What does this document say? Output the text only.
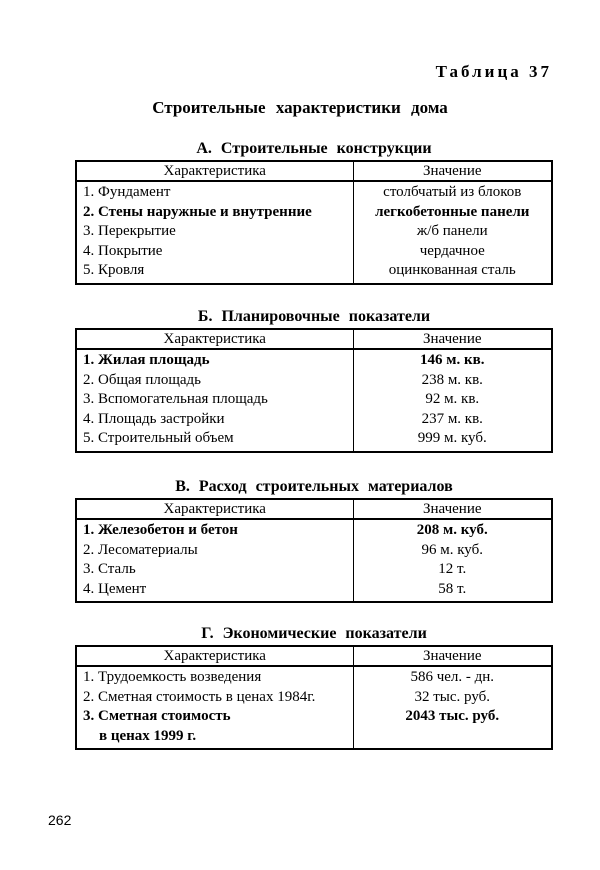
Таблица 37
Строительные характеристики дома
А. Строительные конструкции
Характеристика	Значение
1. Фундамент	столбчатый из блоков
2. Стены наружные и внутренние	легкобетонные панели
3. Перекрытие	ж/б панели
4. Покрытие	чердачное
5. Кровля	оцинкованная сталь
Б. Планировочные показатели
Характеристика	Значение
1. Жилая площадь	146 м. кв.
2. Общая площадь	238 м. кв.
3. Вспомогательная площадь	92 м. кв.
4. Площадь застройки	237 м. кв.
5. Строительный объем	999 м. куб.
В. Расход строительных материалов
Характеристика	Значение
1. Железобетон и бетон	208 м. куб.
2. Лесоматериалы	96 м. куб.
3. Сталь	12 т.
4. Цемент	58 т.
Г. Экономические показатели
Характеристика	Значение
1. Трудоемкость возведения	586 чел. - дн.
2. Сметная стоимость в ценах 1984г.	32 тыс. руб.

3. Сметная стоимость
в ценах 1999 г.	2043 тыс. руб.
262
